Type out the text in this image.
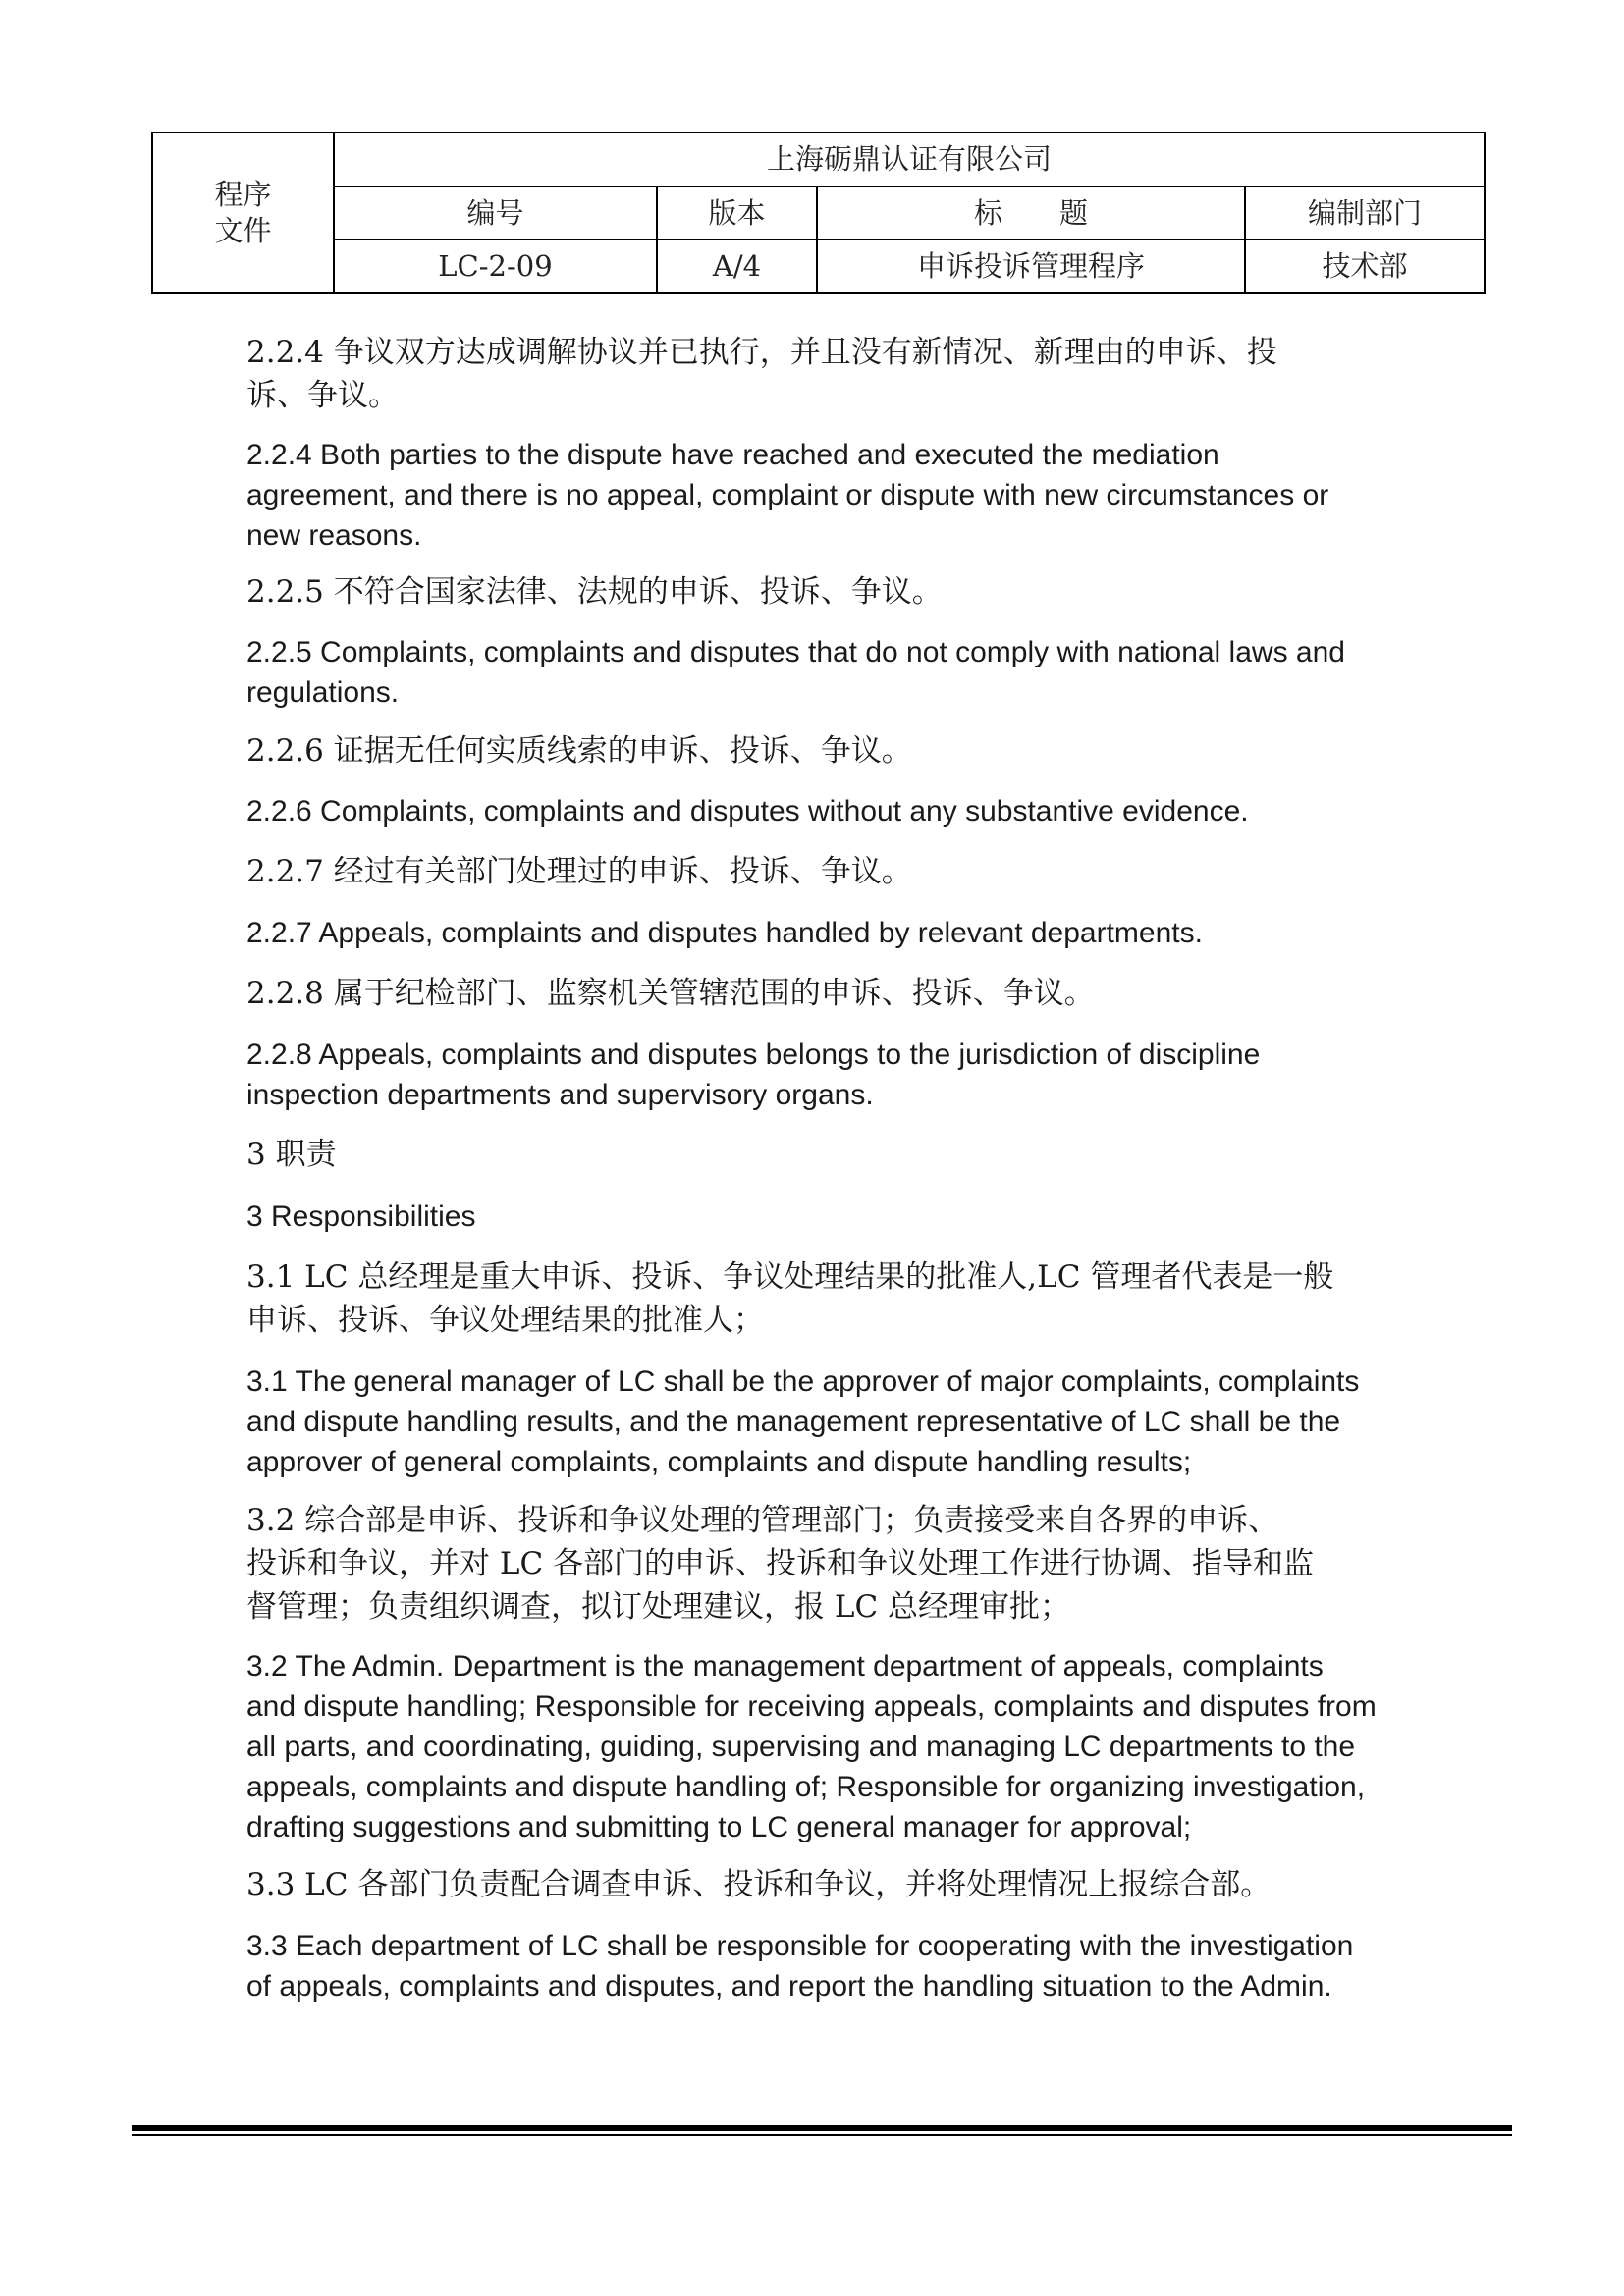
程序
文件	上海砺鼎认证有限公司			
	编号	版本	标　　题	编制部门
	LC-2-09	A/4	申诉投诉管理程序	技术部

2.2.4 争议双方达成调解协议并已执行，并且没有新情况、新理由的申诉、投
诉、争议。

2.2.4 Both parties to the dispute have reached and executed the mediation
agreement, and there is no appeal, complaint or dispute with new circumstances or
new reasons.

2.2.5 不符合国家法律、法规的申诉、投诉、争议。

2.2.5 Complaints, complaints and disputes that do not comply with national laws and
regulations.

2.2.6 证据无任何实质线索的申诉、投诉、争议。

2.2.6 Complaints, complaints and disputes without any substantive evidence.

2.2.7 经过有关部门处理过的申诉、投诉、争议。

2.2.7 Appeals, complaints and disputes handled by relevant departments.

2.2.8 属于纪检部门、监察机关管辖范围的申诉、投诉、争议。

2.2.8 Appeals, complaints and disputes belongs to the jurisdiction of discipline
inspection departments and supervisory organs.

3 职责

3 Responsibilities

3.1 LC 总经理是重大申诉、投诉、争议处理结果的批准人,LC 管理者代表是一般
申诉、投诉、争议处理结果的批准人；

3.1 The general manager of LC shall be the approver of major complaints, complaints
and dispute handling results, and the management representative of LC shall be the
approver of general complaints, complaints and dispute handling results;

3.2 综合部是申诉、投诉和争议处理的管理部门；负责接受来自各界的申诉、
投诉和争议，并对 LC 各部门的申诉、投诉和争议处理工作进行协调、指导和监
督管理；负责组织调查，拟订处理建议，报 LC 总经理审批；

3.2 The Admin. Department is the management department of appeals, complaints
and dispute handling; Responsible for receiving appeals, complaints and disputes from
all parts, and coordinating, guiding, supervising and managing LC departments to the
appeals, complaints and dispute handling of; Responsible for organizing investigation,
drafting suggestions and submitting to LC general manager for approval;

3.3 LC 各部门负责配合调查申诉、投诉和争议，并将处理情况上报综合部。

3.3 Each department of LC shall be responsible for cooperating with the investigation
of appeals, complaints and disputes, and report the handling situation to the Admin.
